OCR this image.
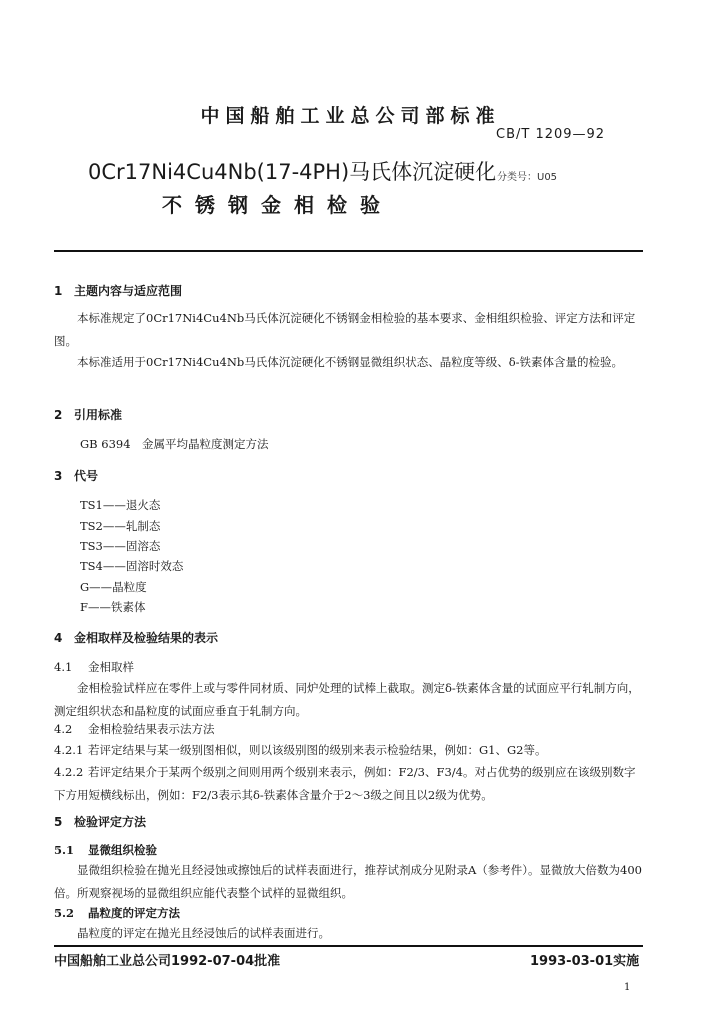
中国船舶工业总公司部标准
CB/T 1209—92
0Cr17Ni4Cu4Nb(17-4PH)马氏体沉淀硬化 分类号：U05
不锈钢金相检验
1 主题内容与适应范围
本标准规定了0Cr17Ni4Cu4Nb马氏体沉淀硬化不锈钢金相检验的基本要求、金相组织检验、评定方法和评定图。
本标准适用于0Cr17Ni4Cu4Nb马氏体沉淀硬化不锈钢显微组织状态、晶粒度等级、δ-铁素体含量的检验。
2 引用标准
GB 6394　金属平均晶粒度测定方法
3 代号
TS1——退火态
TS2——轧制态
TS3——固溶态
TS4——固溶时效态
G——晶粒度
F——铁素体
4 金相取样及检验结果的表示
4.1 金相取样
金相检验试样应在零件上或与零件同材质、同炉处理的试棒上截取。测定δ-铁素体含量的试面应平行轧制方向，测定组织状态和晶粒度的试面应垂直于轧制方向。
4.2 金相检验结果表示法方法
4.2.1 若评定结果与某一级别图相似，则以该级别图的级别来表示检验结果，例如：G1、G2等。
4.2.2 若评定结果介于某两个级别之间则用两个级别来表示，例如：F2/3、F3/4。对占优势的级别应在该级别数字下方用短横线标出，例如：F2/3表示其δ-铁素体含量介于2～3级之间且以2级为优势。
5 检验评定方法
5.1 显微组织检验
显微组织检验在抛光且经浸蚀或擦蚀后的试样表面进行，推荐试剂成分见附录A（参考件）。显微放大倍数为400倍。所观察视场的显微组织应能代表整个试样的显微组织。
5.2 晶粒度的评定方法
晶粒度的评定在抛光且经浸蚀后的试样表面进行。
中国船舶工业总公司1992-07-04批准	1993-03-01实施
1
